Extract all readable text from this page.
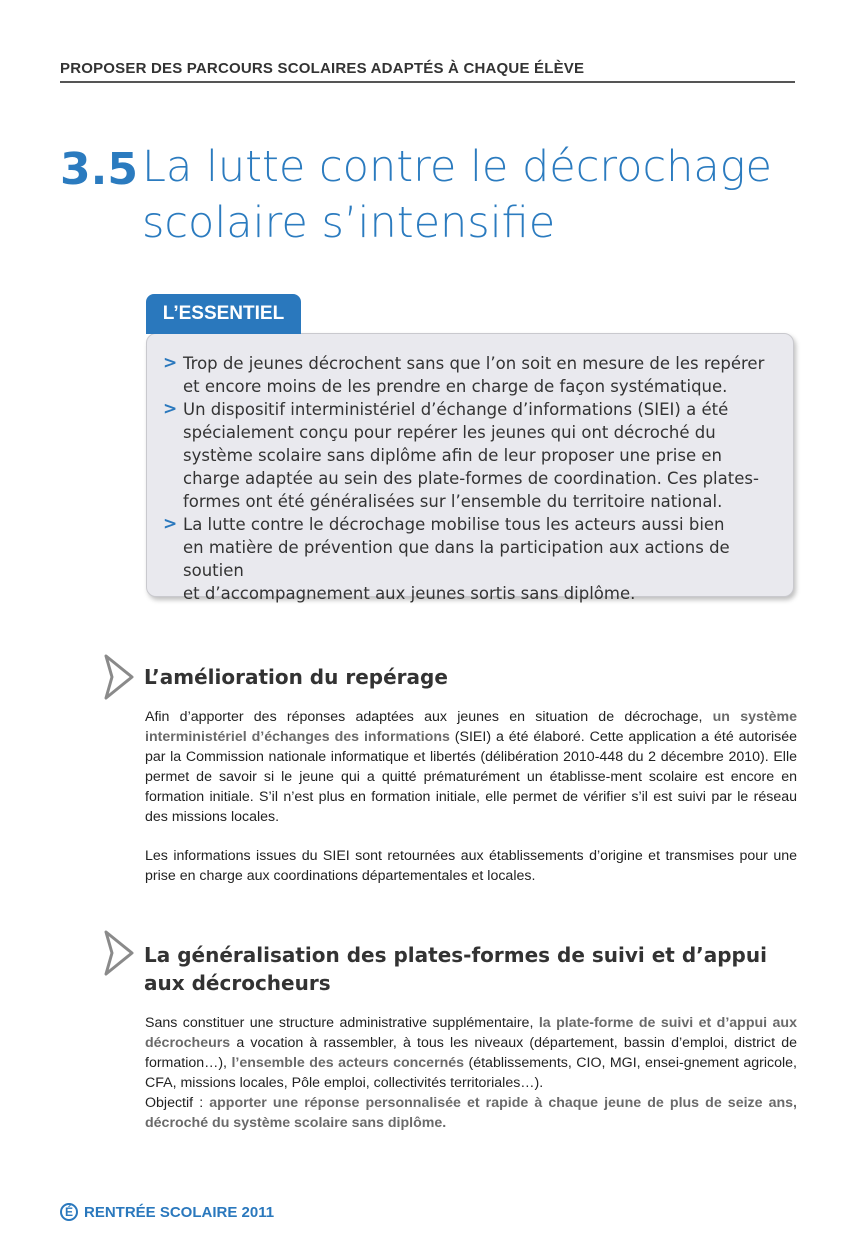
PROPOSER DES PARCOURS SCOLAIRES ADAPTÉS À CHAQUE ÉLÈVE
3.5 La lutte contre le décrochage
scolaire s’intensifie
L’ESSENTIEL
> Trop de jeunes décrochent sans que l’on soit en mesure de les repérer
et encore moins de les prendre en charge de façon systématique.
> Un dispositif interministériel d’échange d’informations (SIEI) a été spécialement conçu pour repérer les jeunes qui ont décroché du système scolaire sans diplôme afin de leur proposer une prise en charge adaptée au sein des plate-formes de coordination. Ces plates-formes ont été généralisées sur l’ensemble du territoire national.
> La lutte contre le décrochage mobilise tous les acteurs aussi bien
en matière de prévention que dans la participation aux actions de soutien
et d’accompagnement aux jeunes sortis sans diplôme.
L’amélioration du repérage
Afin d’apporter des réponses adaptées aux jeunes en situation de décrochage, un système interministériel d’échanges des informations (SIEI) a été élaboré. Cette application a été autorisée par la Commission nationale informatique et libertés (délibération 2010-448 du 2 décembre 2010). Elle permet de savoir si le jeune qui a quitté prématurément un établisse-ment scolaire est encore en formation initiale. S’il n’est plus en formation initiale, elle permet de vérifier s’il est suivi par le réseau des missions locales.
Les informations issues du SIEI sont retournées aux établissements d’origine et transmises pour une prise en charge aux coordinations départementales et locales.
La généralisation des plates-formes de suivi et d’appui
aux décrocheurs
Sans constituer une structure administrative supplémentaire, la plate-forme de suivi et d’appui aux décrocheurs a vocation à rassembler, à tous les niveaux (département, bassin d’emploi, district de formation…), l’ensemble des acteurs concernés (établissements, CIO, MGI, ensei-gnement agricole, CFA, missions locales, Pôle emploi, collectivités territoriales…).
Objectif : apporter une réponse personnalisée et rapide à chaque jeune de plus de seize ans, décroché du système scolaire sans diplôme.
É RENTRÉE SCOLAIRE 2011
